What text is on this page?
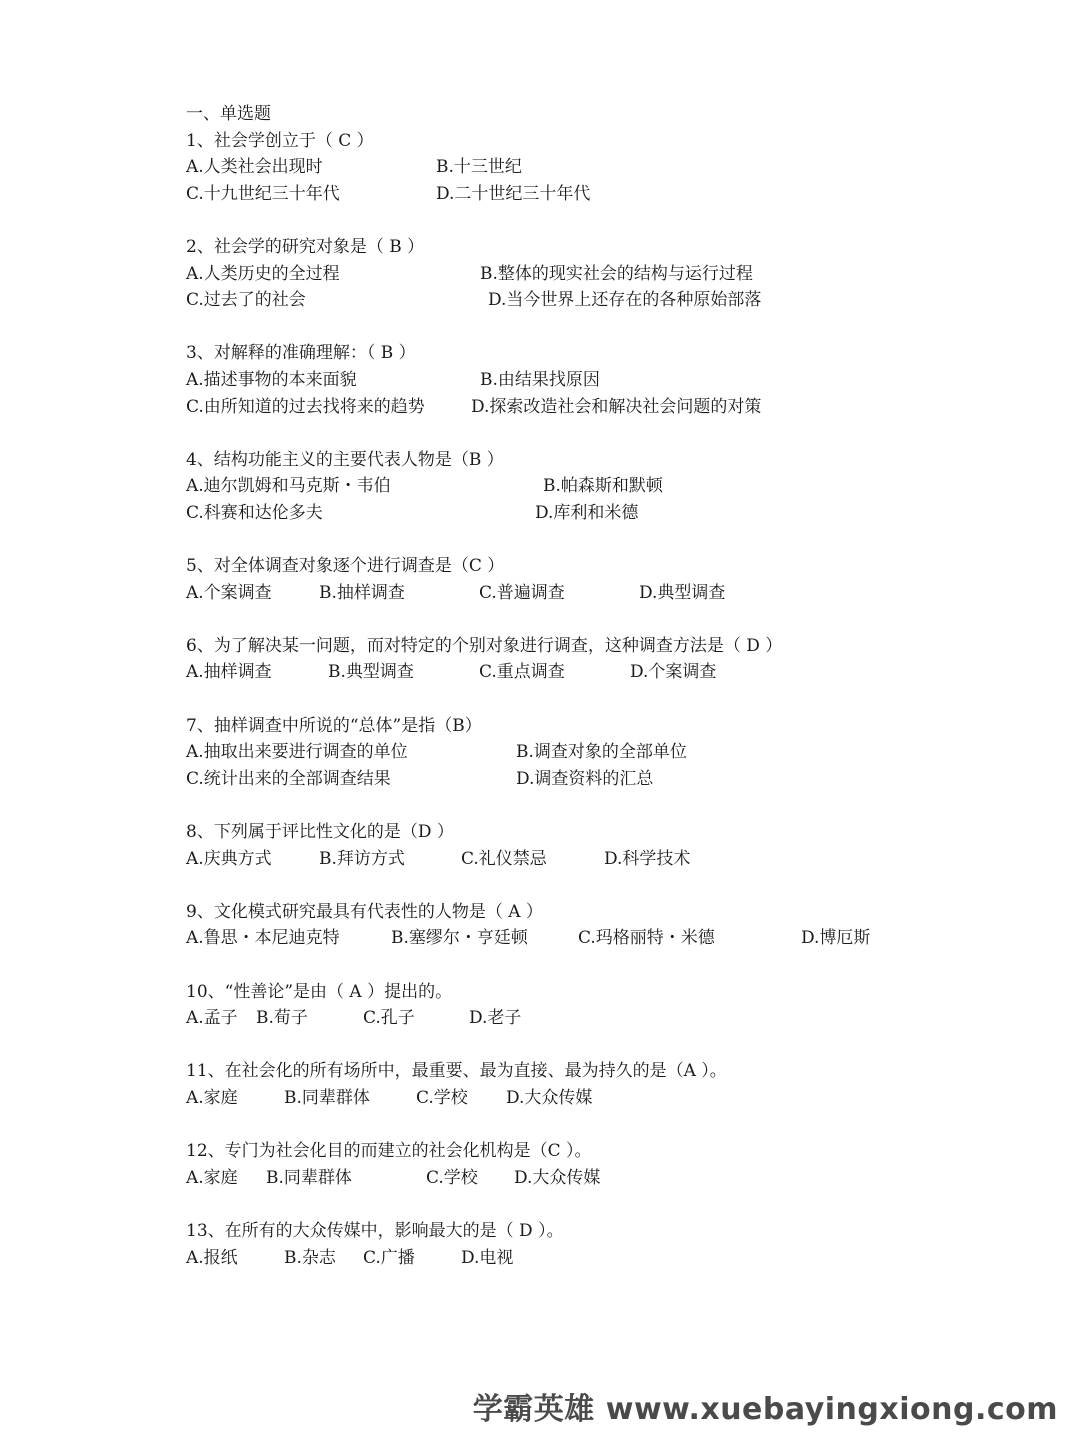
一、单选题
1、社会学创立于（ C ）
A.人类社会出现时	B.十三世纪
C.十九世纪三十年代	D.二十世纪三十年代
2、社会学的研究对象是（ B ）
A.人类历史的全过程	B.整体的现实社会的结构与运行过程
C.过去了的社会	D.当今世界上还存在的各种原始部落
3、对解释的准确理解：（ B ）
A.描述事物的本来面貌	B.由结果找原因
C.由所知道的过去找将来的趋势	D.探索改造社会和解决社会问题的对策
4、结构功能主义的主要代表人物是（B ）
A.迪尔凯姆和马克斯・韦伯	B.帕森斯和默顿
C.科赛和达伦多夫	D.库利和米德
5、对全体调查对象逐个进行调查是（C ）
A.个案调查	B.抽样调查	C.普遍调查	D.典型调查
6、为了解决某一问题，而对特定的个别对象进行调查，这种调查方法是（ D ）
A.抽样调查	B.典型调查	C.重点调查	D.个案调查
7、抽样调查中所说的“总体”是指（B）
A.抽取出来要进行调查的单位	B.调查对象的全部单位
C.统计出来的全部调查结果	D.调查资料的汇总
8、下列属于评比性文化的是（D ）
A.庆典方式	B.拜访方式	C.礼仪禁忌	D.科学技术
9、文化模式研究最具有代表性的人物是（ A ）
A.鲁思・本尼迪克特	B.塞缪尔・亨廷顿	C.玛格丽特・米德	D.博厄斯
10、“性善论”是由（ A ）提出的。
A.孟子 B.荀子	C.孔子	D.老子
11、在社会化的所有场所中，最重要、最为直接、最为持久的是（A ）。
A.家庭	B.同辈群体	C.学校 D.大众传媒
12、专门为社会化目的而建立的社会化机构是（C ）。
A.家庭 B.同辈群体	C.学校 D.大众传媒
13、在所有的大众传媒中，影响最大的是（ D ）。
A.报纸	B.杂志 C.广播	D.电视
学霸英雄 www.xuebayingxiong.com
